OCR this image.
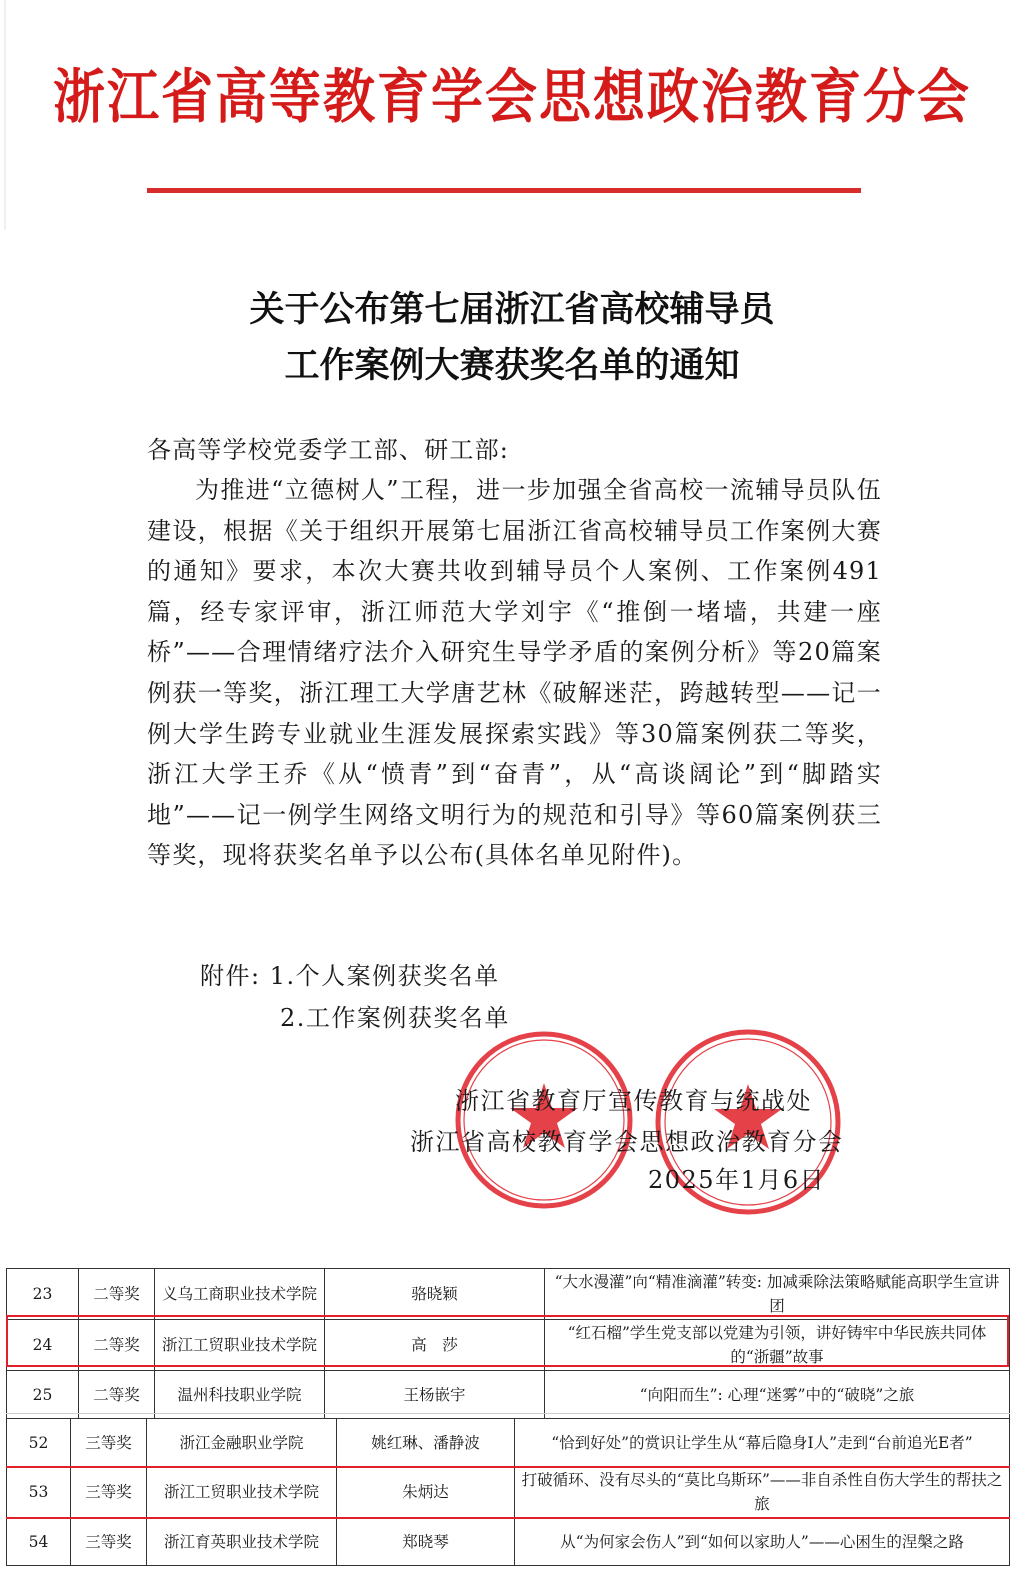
浙江省高等教育学会思想政治教育分会
关于公布第七届浙江省高校辅导员
工作案例大赛获奖名单的通知
各高等学校党委学工部、研工部:
为推进“立德树人”工程，进一步加强全省高校一流辅导员队伍建设，根据《关于组织开展第七届浙江省高校辅导员工作案例大赛的通知》要求，本次大赛共收到辅导员个人案例、工作案例491篇，经专家评审，浙江师范大学刘宇《“推倒一堵墙，共建一座桥”——合理情绪疗法介入研究生导学矛盾的案例分析》等20篇案例获一等奖，浙江理工大学唐艺林《破解迷茫，跨越转型——记一例大学生跨专业就业生涯发展探索实践》等30篇案例获二等奖，浙江大学王乔《从“愤青”到“奋青”，从“高谈阔论”到“脚踏实地”——记一例学生网络文明行为的规范和引导》等60篇案例获三等奖，现将获奖名单予以公布(具体名单见附件)。
附件: 1.个人案例获奖名单
2.工作案例获奖名单
浙江省教育厅宣传教育与统战处
浙江省高校教育学会思想政治教育分会
2025年1月6日
23	二等奖	义乌工商职业技术学院	骆晓颖	“大水漫灌”向“精准滴灌”转变: 加减乘除法策略赋能高职学生宣讲团
24	二等奖	浙江工贸职业技术学院	高　莎	“红石榴”学生党支部以党建为引领，讲好铸牢中华民族共同体的“浙疆”故事
25	二等奖	温州科技职业学院	王杨嵌宇	“向阳而生”: 心理“迷雾”中的“破晓”之旅
52	三等奖	浙江金融职业学院	姚红琳、潘静波	“恰到好处”的赏识让学生从“幕后隐身I人”走到“台前追光E者”
53	三等奖	浙江工贸职业技术学院	朱炳达	打破循环、没有尽头的“莫比乌斯环”——非自杀性自伤大学生的帮扶之旅
54	三等奖	浙江育英职业技术学院	郑晓琴	从“为何家会伤人”到“如何以家助人”——心困生的涅槃之路
